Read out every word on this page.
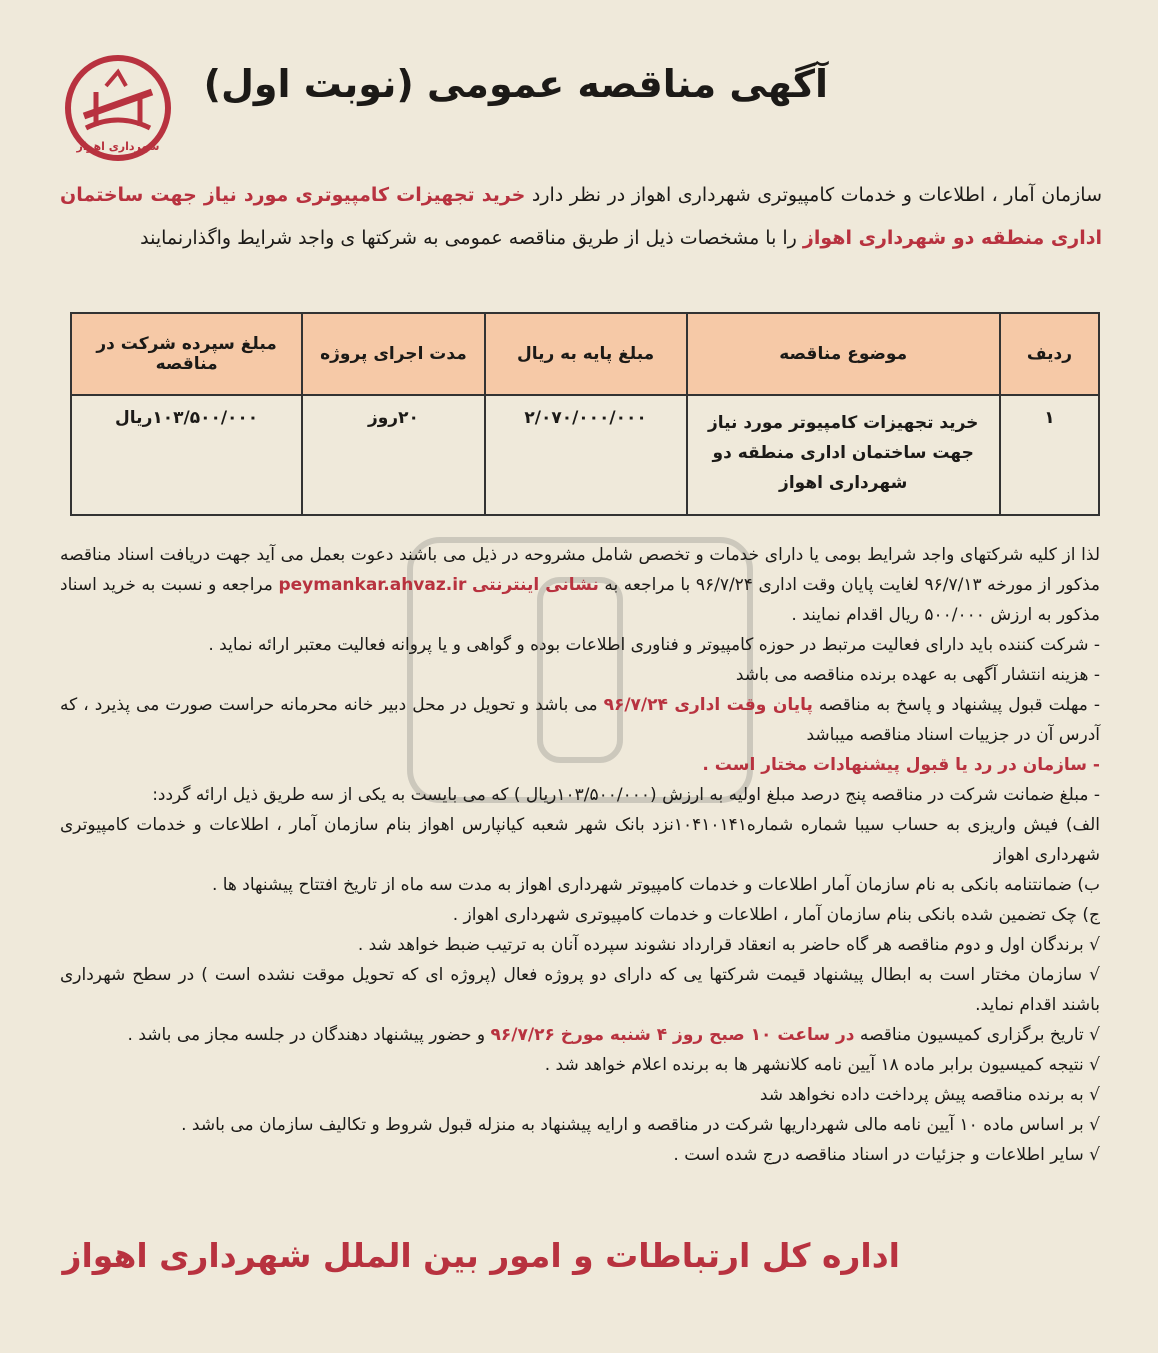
شهرداری اهواز
آگهی مناقصه عمومی (نوبت اول)
سازمان آمار ، اطلاعات و خدمات کامپیوتری شهرداری اهواز در نظر دارد خرید تجهیزات کامپیوتری مورد نیاز جهت ساختمان اداری منطقه دو شهرداری اهواز را با مشخصات ذیل از طریق مناقصه عمومی به شرکتها ی واجد شرایط واگذارنمایند
ردیف	موضوع مناقصه	مبلغ پایه به ریال	مدت اجرای پروژه	مبلغ سپرده شرکت در مناقصه
۱	خرید تجهیزات کامپیوتر مورد نیاز جهت ساختمان اداری منطقه دو شهرداری اهواز	۲/۰۷۰/۰۰۰/۰۰۰	۲۰روز	۱۰۳/۵۰۰/۰۰۰ریال

لذا از کلیه شرکتهای واجد شرایط بومی یا دارای خدمات و تخصص شامل مشروحه در ذیل می باشند دعوت بعمل می آید جهت دریافت اسناد مناقصه مذکور از مورخه ۹۶/۷/۱۳ لغایت پایان وقت اداری ۹۶/۷/۲۴ با مراجعه به نشانی اینترنتی peymankar.ahvaz.ir مراجعه و نسبت به خرید اسناد مذکور به ارزش ۵۰۰/۰۰۰ ریال اقدام نمایند .

- شرکت کننده باید دارای فعالیت مرتبط در حوزه کامپیوتر و فناوری اطلاعات بوده و گواهی و یا پروانه فعالیت معتبر ارائه نماید .

- هزینه انتشار آگهی به عهده برنده مناقصه می باشد

- مهلت قبول پیشنهاد و پاسخ به مناقصه پایان وقت اداری ۹۶/۷/۲۴ می باشد و تحویل در محل دبیر خانه محرمانه حراست صورت می پذیرد ، که آدرس آن در جزییات اسناد مناقصه میباشد

- سازمان در رد یا قبول پیشنهادات مختار است .

- مبلغ ضمانت شرکت در مناقصه پنج درصد مبلغ اولیه به ارزش (۱۰۳/۵۰۰/۰۰۰ریال ) که می بایست به یکی از سه طریق ذیل ارائه گردد:

الف) فیش واریزی به حساب سیبا شماره شماره۱۰۴۱۰۱۴۱نزد بانک شهر شعبه کیانپارس اهواز بنام سازمان آمار ، اطلاعات و خدمات کامپیوتری شهرداری اهواز

ب) ضمانتنامه بانکی به نام سازمان آمار اطلاعات و خدمات کامپیوتر شهرداری اهواز به مدت سه ماه از تاریخ افتتاح پیشنهاد ها .

ج) چک تضمین شده بانکی بنام سازمان آمار ، اطلاعات و خدمات کامپیوتری شهرداری اهواز .

√ برندگان اول و دوم مناقصه هر گاه حاضر به انعقاد قرارداد نشوند سپرده آنان به ترتیب ضبط خواهد شد .

√ سازمان مختار است به ابطال پیشنهاد قیمت شرکتها یی که دارای دو پروژه فعال (پروژه ای که تحویل موقت نشده است ) در سطح شهرداری باشند اقدام نماید.

√ تاریخ برگزاری کمیسیون مناقصه در ساعت ۱۰ صبح روز ۴ شنبه مورخ ۹۶/۷/۲۶ و حضور پیشنهاد دهندگان در جلسه مجاز می باشد .

√ نتیجه کمیسیون برابر ماده ۱۸ آیین نامه کلانشهر ها به برنده اعلام خواهد شد .

√ به برنده مناقصه پیش پرداخت داده نخواهد شد

√ بر اساس ماده ۱۰ آیین نامه مالی شهرداریها شرکت در مناقصه و ارایه پیشنهاد به منزله قبول شروط و تکالیف سازمان می باشد .

√ سایر اطلاعات و جزئیات در اسناد مناقصه درج شده است .

اداره کل ارتباطات و امور بین الملل شهرداری اهواز
